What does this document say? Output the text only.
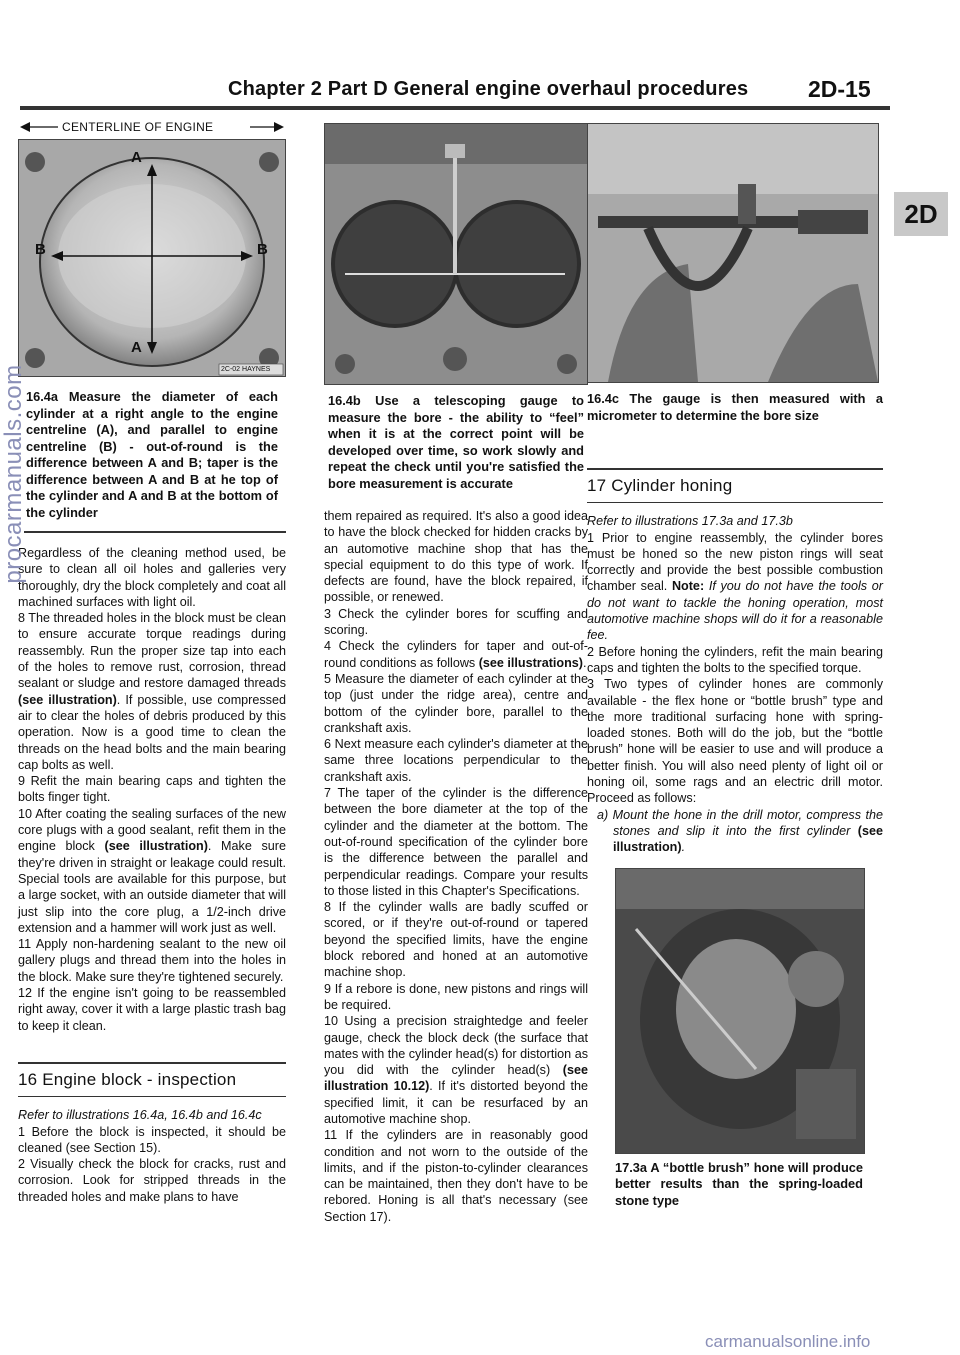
Chapter 2 Part D General engine overhaul procedures	2D-15
2D
CENTERLINE OF ENGINE
A
A
B	B
2C-02 HAYNES

16.4a Measure the diameter of each cylinder at a right angle to the engine centreline (A), and parallel to engine centreline (B) - out-of-round is the difference between A and B; taper is the difference between A and B at he top of the cylinder and A and B at the bottom of the cylinder

Regardless of the cleaning method used, be sure to clean all oil holes and galleries very thoroughly, dry the block completely and coat all machined surfaces with light oil.

8 The threaded holes in the block must be clean to ensure accurate torque readings during reassembly. Run the proper size tap into each of the holes to remove rust, corrosion, thread sealant or sludge and restore damaged threads (see illustration). If possible, use compressed air to clear the holes of debris produced by this operation. Now is a good time to clean the threads on the head bolts and the main bearing cap bolts as well.

9 Refit the main bearing caps and tighten the bolts finger tight.

10 After coating the sealing surfaces of the new core plugs with a good sealant, refit them in the engine block (see illustration). Make sure they're driven in straight or leakage could result. Special tools are available for this purpose, but a large socket, with an outside diameter that will just slip into the core plug, a 1/2-inch drive extension and a hammer will work just as well.

11 Apply non-hardening sealant to the new oil gallery plugs and thread them into the holes in the block. Make sure they're tightened securely.

12 If the engine isn't going to be reassembled right away, cover it with a large plastic trash bag to keep it clean.

16 Engine block - inspection

Refer to illustrations 16.4a, 16.4b and 16.4c

1 Before the block is inspected, it should be cleaned (see Section 15).

2 Visually check the block for cracks, rust and corrosion. Look for stripped threads in the threaded holes and make plans to have

16.4b Use a telescoping gauge to measure the bore - the ability to “feel” when it is at the correct point will be developed over time, so work slowly and repeat the check until you're satisfied the bore measurement is accurate

them repaired as required. It's also a good idea to have the block checked for hidden cracks by an automotive machine shop that has the special equipment to do this type of work. If defects are found, have the block repaired, if possible, or renewed.

3 Check the cylinder bores for scuffing and scoring.

4 Check the cylinders for taper and out-of-round conditions as follows (see illustrations).

5 Measure the diameter of each cylinder at the top (just under the ridge area), centre and bottom of the cylinder bore, parallel to the crankshaft axis.

6 Next measure each cylinder's diameter at the same three locations perpendicular to the crankshaft axis.

7 The taper of the cylinder is the difference between the bore diameter at the top of the cylinder and the diameter at the bottom. The out-of-round specification of the cylinder bore is the difference between the parallel and perpendicular readings. Compare your results to those listed in this Chapter's Specifications.

8 If the cylinder walls are badly scuffed or scored, or if they're out-of-round or tapered beyond the specified limits, have the engine block rebored and honed at an automotive machine shop.

9 If a rebore is done, new pistons and rings will be required.

10 Using a precision straightedge and feeler gauge, check the block deck (the surface that mates with the cylinder head(s) for distortion as you did with the cylinder head(s) (see illustration 10.12). If it's distorted beyond the specified limit, it can be resurfaced by an automotive machine shop.

11 If the cylinders are in reasonably good condition and not worn to the outside of the limits, and if the piston-to-cylinder clearances can be maintained, then they don't have to be rebored. Honing is all that's necessary (see Section 17).

16.4c The gauge is then measured with a micrometer to determine the bore size

17 Cylinder honing

Refer to illustrations 17.3a and 17.3b

1 Prior to engine reassembly, the cylinder bores must be honed so the new piston rings will seat correctly and provide the best possible combustion chamber seal. Note: If you do not have the tools or do not want to tackle the honing operation, most automotive machine shops will do it for a reasonable fee.

2 Before honing the cylinders, refit the main bearing caps and tighten the bolts to the specified torque.

3 Two types of cylinder hones are commonly available - the flex hone or “bottle brush” type and the more traditional surfacing hone with spring-loaded stones. Both will do the job, but the “bottle brush” hone will be easier to use and will produce a better finish. You will also need plenty of light oil or honing oil, some rags and an electric drill motor. Proceed as follows:

a) Mount the hone in the drill motor, compress the stones and slip it into the first cylinder (see illustration).

17.3a A “bottle brush” hone will produce better results than the spring-loaded stone type

procarmanuals.com
carmanualsonline.info
